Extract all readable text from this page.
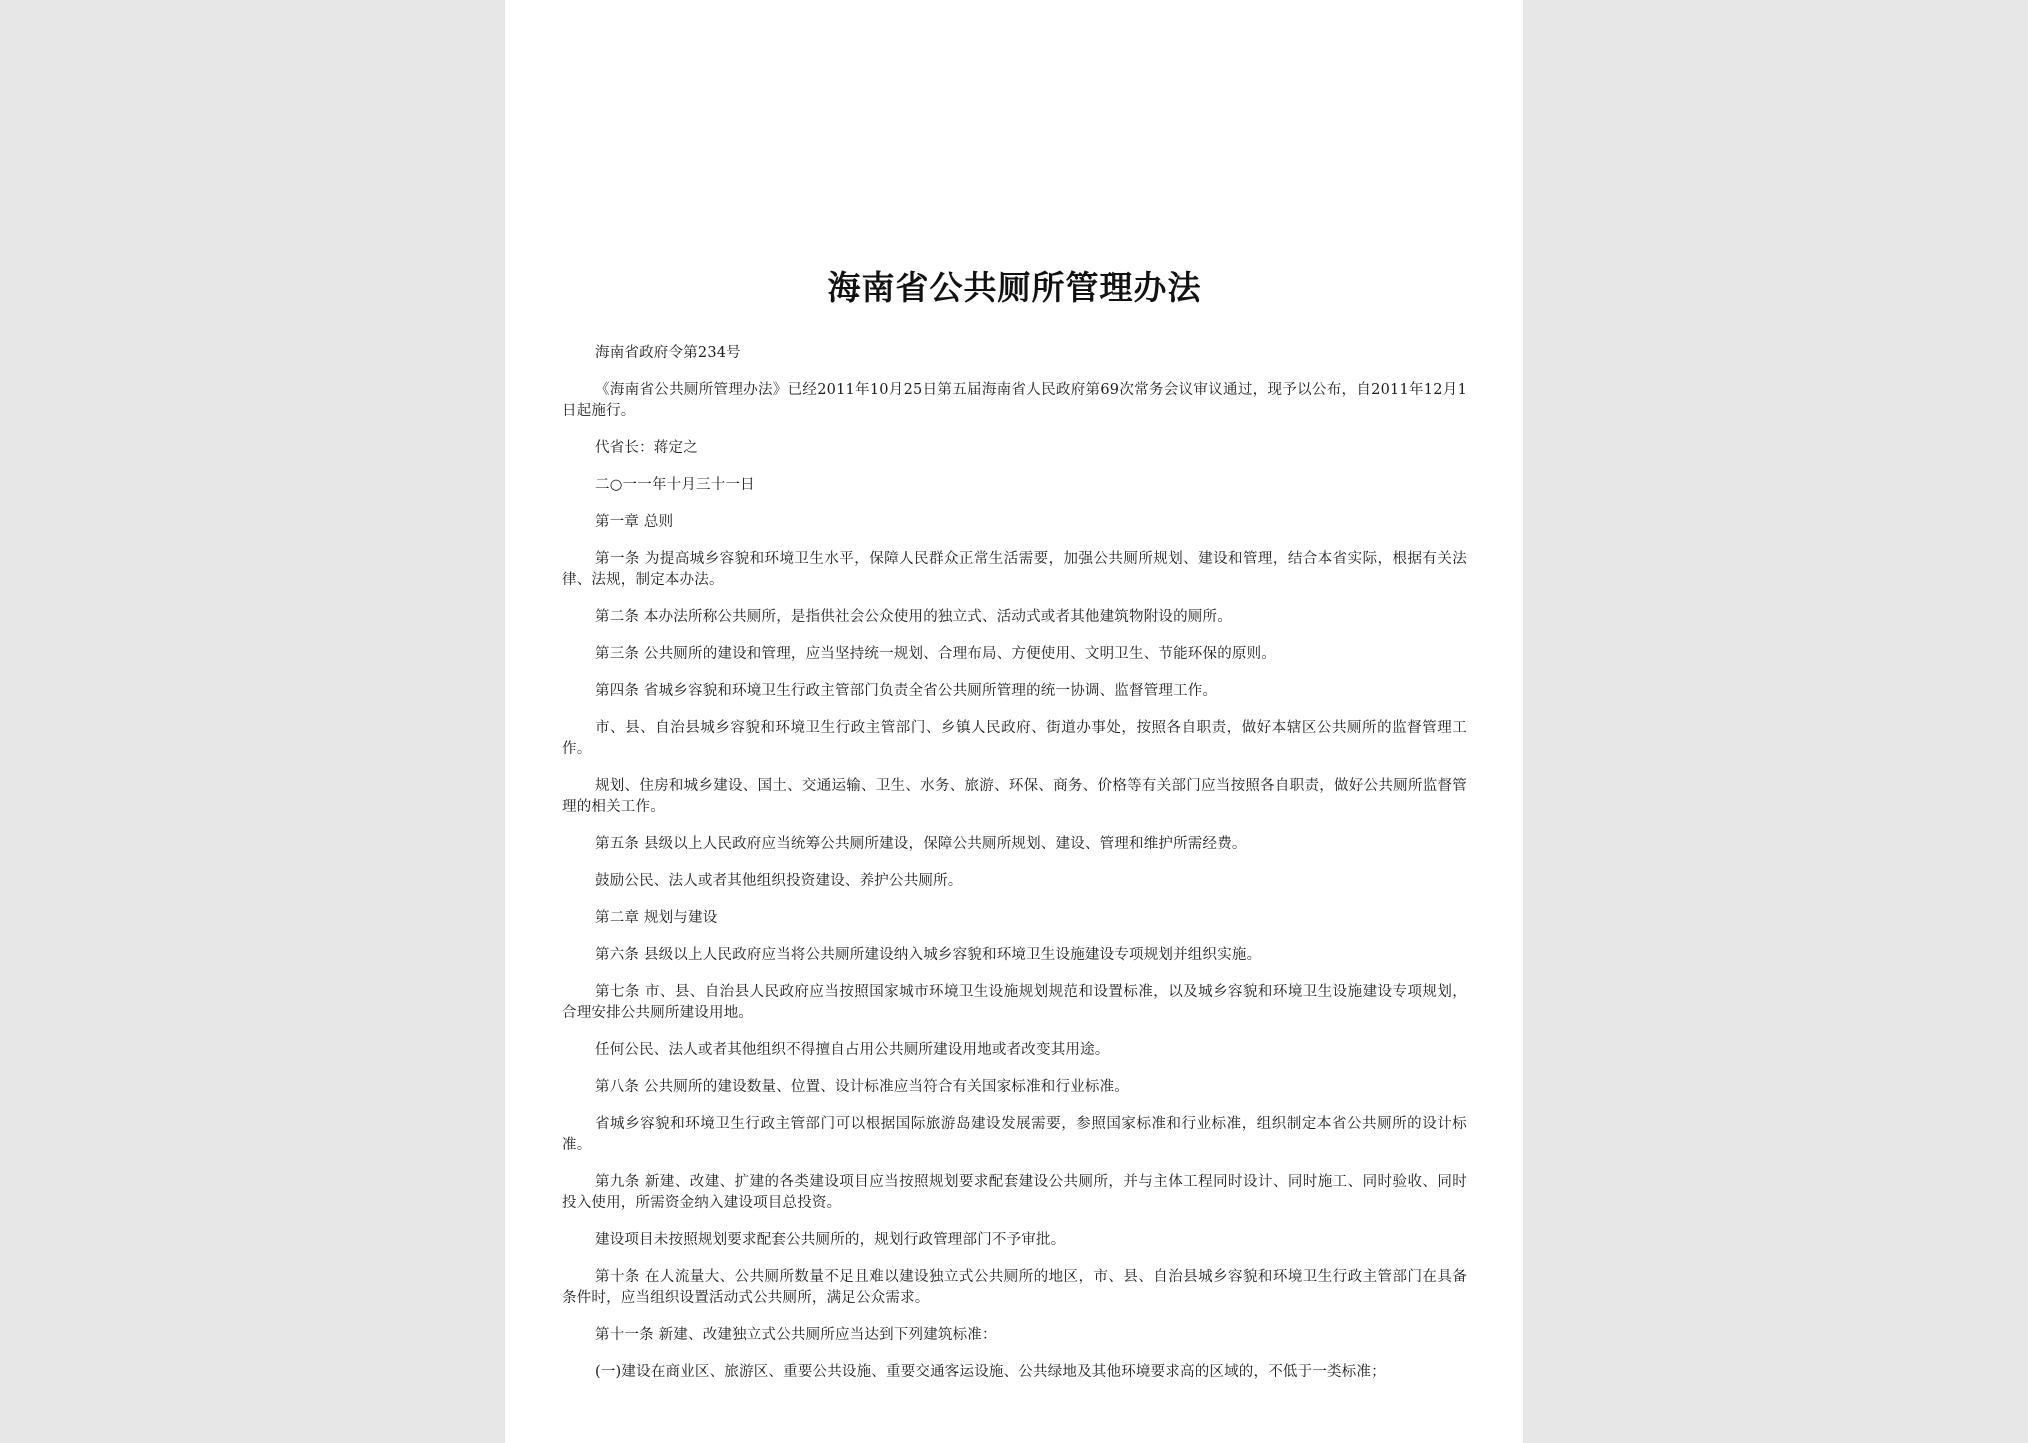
海南省公共厕所管理办法

海南省政府令第234号

《海南省公共厕所管理办法》已经2011年10月25日第五届海南省人民政府第69次常务会议审议通过，现予以公布，自2011年12月1日起施行。

代省长：蒋定之

二○一一年十月三十一日

第一章 总则

第一条 为提高城乡容貌和环境卫生水平，保障人民群众正常生活需要，加强公共厕所规划、建设和管理，结合本省实际，根据有关法律、法规，制定本办法。

第二条 本办法所称公共厕所，是指供社会公众使用的独立式、活动式或者其他建筑物附设的厕所。

第三条 公共厕所的建设和管理，应当坚持统一规划、合理布局、方便使用、文明卫生、节能环保的原则。

第四条 省城乡容貌和环境卫生行政主管部门负责全省公共厕所管理的统一协调、监督管理工作。

市、县、自治县城乡容貌和环境卫生行政主管部门、乡镇人民政府、街道办事处，按照各自职责，做好本辖区公共厕所的监督管理工作。

规划、住房和城乡建设、国土、交通运输、卫生、水务、旅游、环保、商务、价格等有关部门应当按照各自职责，做好公共厕所监督管理的相关工作。

第五条 县级以上人民政府应当统筹公共厕所建设，保障公共厕所规划、建设、管理和维护所需经费。

鼓励公民、法人或者其他组织投资建设、养护公共厕所。

第二章 规划与建设

第六条 县级以上人民政府应当将公共厕所建设纳入城乡容貌和环境卫生设施建设专项规划并组织实施。

第七条 市、县、自治县人民政府应当按照国家城市环境卫生设施规划规范和设置标准，以及城乡容貌和环境卫生设施建设专项规划，合理安排公共厕所建设用地。

任何公民、法人或者其他组织不得擅自占用公共厕所建设用地或者改变其用途。

第八条 公共厕所的建设数量、位置、设计标准应当符合有关国家标准和行业标准。

省城乡容貌和环境卫生行政主管部门可以根据国际旅游岛建设发展需要，参照国家标准和行业标准，组织制定本省公共厕所的设计标准。

第九条 新建、改建、扩建的各类建设项目应当按照规划要求配套建设公共厕所，并与主体工程同时设计、同时施工、同时验收、同时投入使用，所需资金纳入建设项目总投资。

建设项目未按照规划要求配套公共厕所的，规划行政管理部门不予审批。

第十条 在人流量大、公共厕所数量不足且难以建设独立式公共厕所的地区，市、县、自治县城乡容貌和环境卫生行政主管部门在具备条件时，应当组织设置活动式公共厕所，满足公众需求。

第十一条 新建、改建独立式公共厕所应当达到下列建筑标准：

(一)建设在商业区、旅游区、重要公共设施、重要交通客运设施、公共绿地及其他环境要求高的区域的，不低于一类标准；
